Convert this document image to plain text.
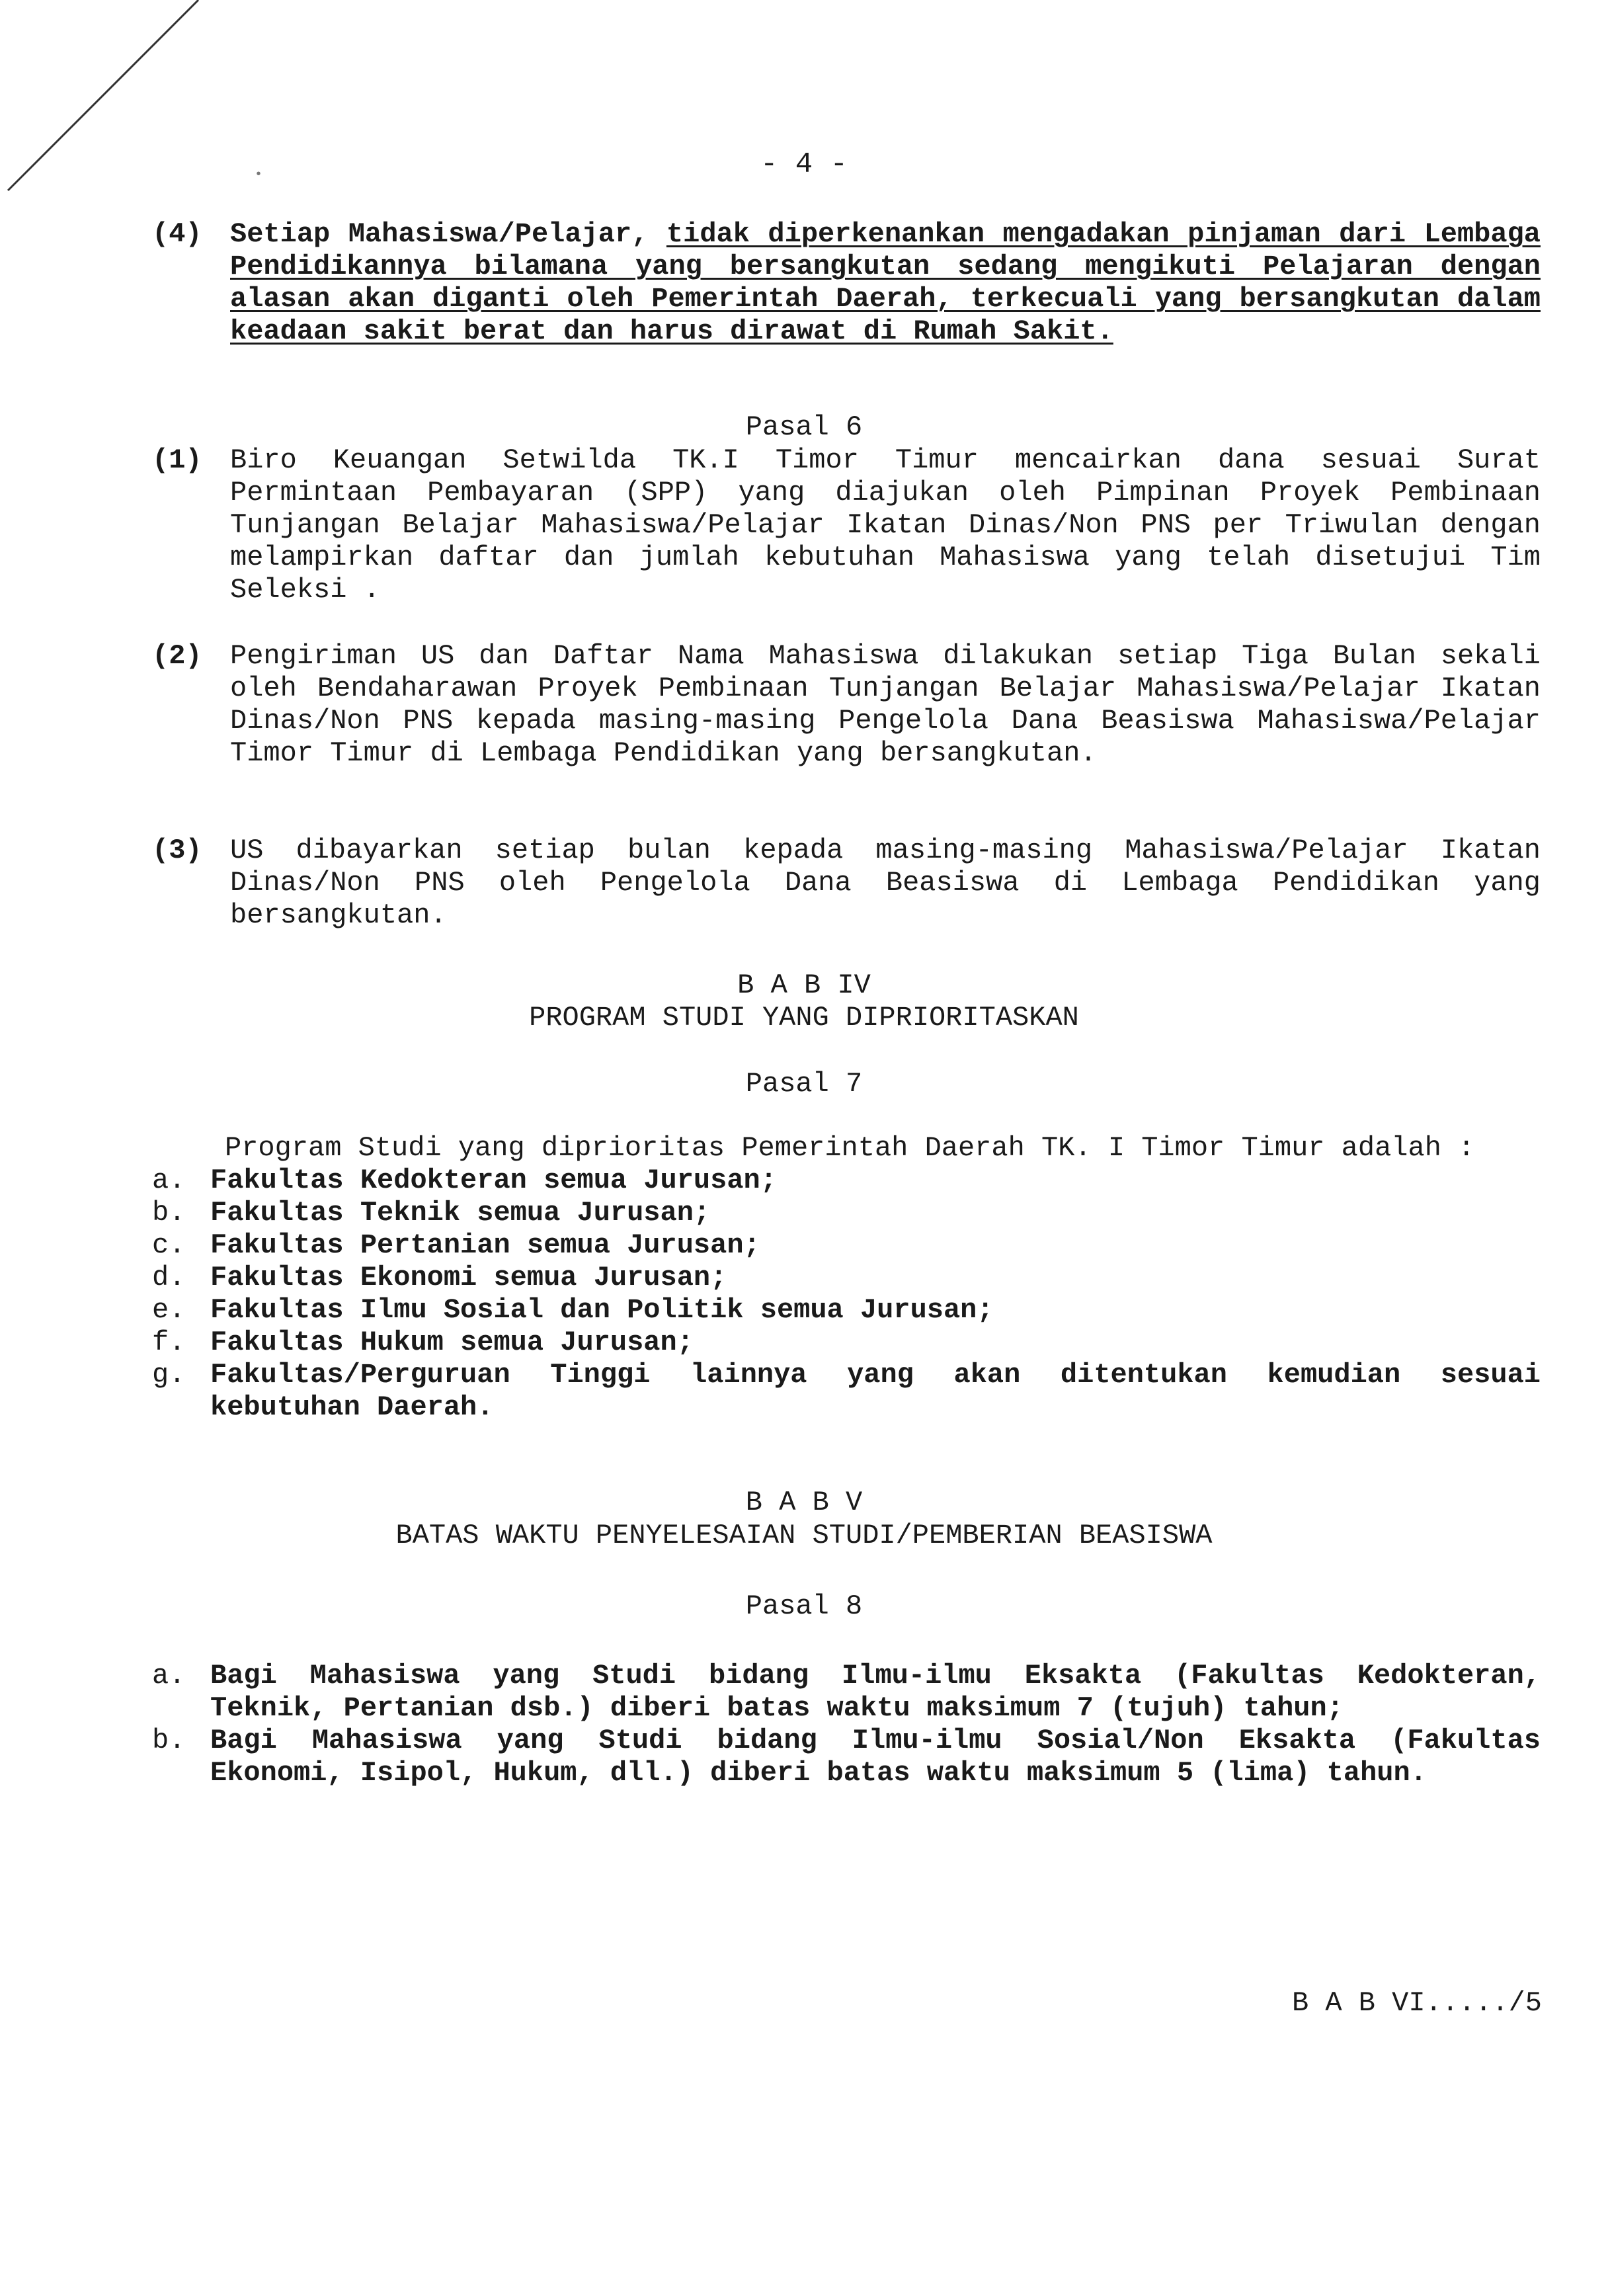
•	- 4 -

(4) Setiap Mahasiswa/Pelajar, tidak diperkenankan mengadakan pinjaman dari Lembaga Pendidikannya bilamana yang bersangkutan sedang mengikuti Pelajaran dengan alasan akan diganti oleh Pemerintah Daerah, terkecuali yang bersangkutan dalam keadaan sakit berat dan harus dirawat di Rumah Sakit.

Pasal 6

(1) Biro Keuangan Setwilda TK.I Timor Timur mencairkan dana sesuai Surat Permintaan Pembayaran (SPP) yang diajukan oleh Pimpinan Proyek Pembinaan Tunjangan Belajar Mahasiswa/Pelajar Ikatan Dinas/Non PNS per Triwulan dengan melampirkan daftar dan jumlah kebutuhan Mahasiswa yang telah disetujui Tim Seleksi .

(2) Pengiriman US dan Daftar Nama Mahasiswa dilakukan setiap Tiga Bulan sekali oleh Bendaharawan Proyek Pembinaan Tunjangan Belajar Mahasiswa/Pelajar Ikatan Dinas/Non PNS kepada masing-masing Pengelola Dana Beasiswa Mahasiswa/Pelajar Timor Timur di Lembaga Pendidikan yang bersangkutan.

(3) US dibayarkan setiap bulan kepada masing-masing Mahasiswa/Pelajar Ikatan Dinas/Non PNS oleh Pengelola Dana Beasiswa di Lembaga Pendidikan yang bersangkutan.

B A B IV
PROGRAM STUDI YANG DIPRIORITASKAN
Pasal 7

Program Studi yang diprioritas Pemerintah Daerah TK. I Timor Timur adalah :

a. Fakultas Kedokteran semua Jurusan;

b. Fakultas Teknik semua Jurusan;

c. Fakultas Pertanian semua Jurusan;

d. Fakultas Ekonomi semua Jurusan;

e. Fakultas Ilmu Sosial dan Politik semua Jurusan;

f. Fakultas Hukum semua Jurusan;

g. Fakultas/Perguruan Tinggi lainnya yang akan ditentukan kemudian sesuai kebutuhan Daerah.

B A B V
BATAS WAKTU PENYELESAIAN STUDI/PEMBERIAN BEASISWA
Pasal 8

a. Bagi Mahasiswa yang Studi bidang Ilmu-ilmu Eksakta (Fakultas Kedokteran, Teknik, Pertanian dsb.) diberi batas waktu maksimum 7 (tujuh) tahun;

b. Bagi Mahasiswa yang Studi bidang Ilmu-ilmu Sosial/Non Eksakta (Fakultas Ekonomi, Isipol, Hukum, dll.) diberi batas waktu maksimum 5 (lima) tahun.

B A B VI...../5
